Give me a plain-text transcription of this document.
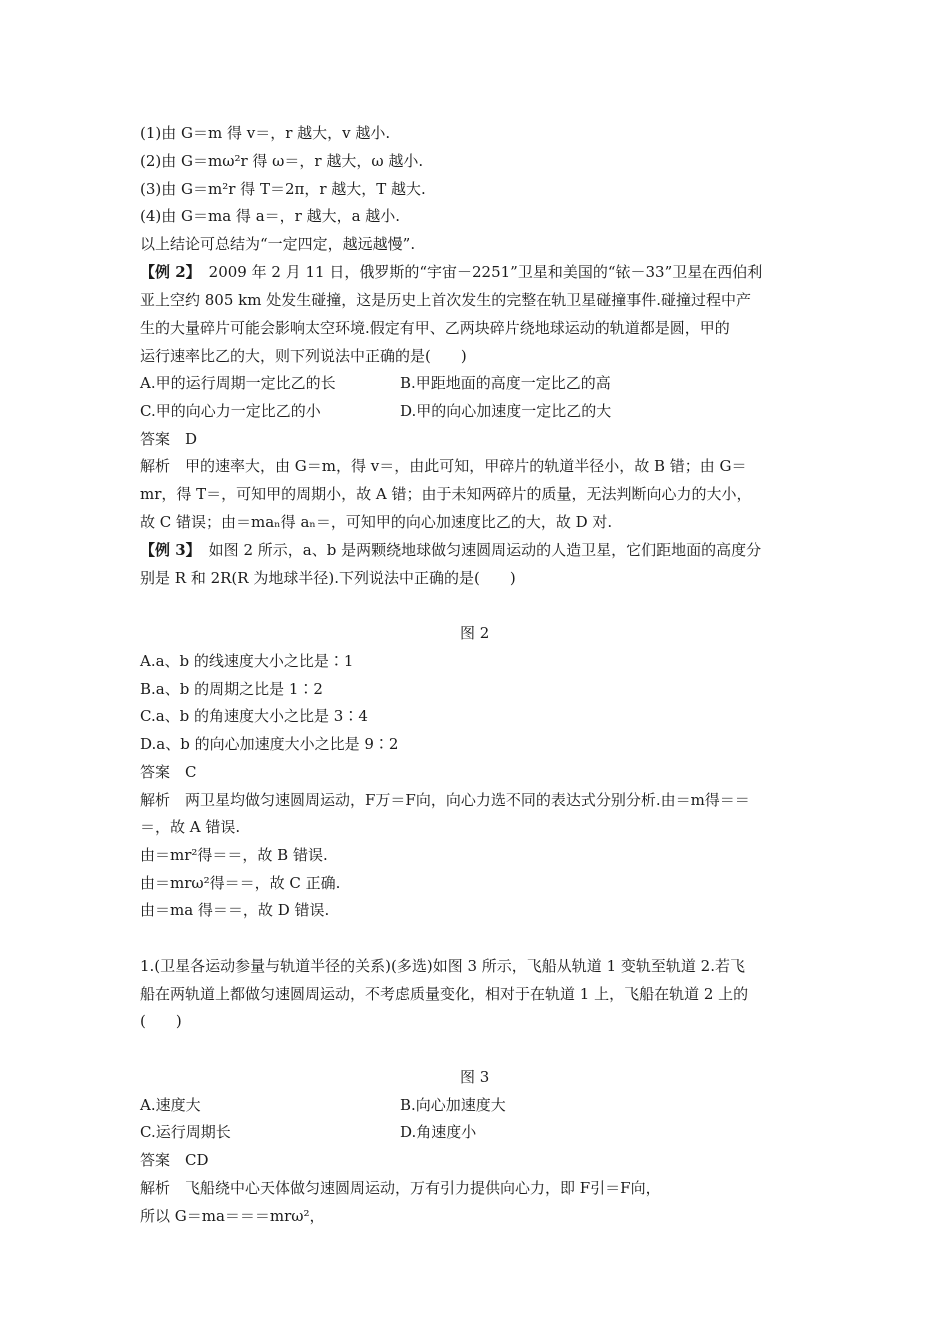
(1)由 G＝m 得 v＝，r 越大，v 越小.
(2)由 G＝mω²r 得 ω＝，r 越大，ω 越小.
(3)由 G＝m²r 得 T＝2π，r 越大，T 越大.
(4)由 G＝ma 得 a＝，r 越大，a 越小.
以上结论可总结为“一定四定，越远越慢”.
【例 2】 2009 年 2 月 11 日，俄罗斯的“宇宙－2251”卫星和美国的“铱－33”卫星在西伯利
亚上空约 805 km 处发生碰撞，这是历史上首次发生的完整在轨卫星碰撞事件.碰撞过程中产
生的大量碎片可能会影响太空环境.假定有甲、乙两块碎片绕地球运动的轨道都是圆，甲的
运行速率比乙的大，则下列说法中正确的是(　　)
A.甲的运行周期一定比乙的长	B.甲距地面的高度一定比乙的高
C.甲的向心力一定比乙的小	D.甲的向心加速度一定比乙的大
答案　D
解析　甲的速率大，由 G＝m，得 v＝，由此可知，甲碎片的轨道半径小，故 B 错；由 G＝
mr，得 T＝，可知甲的周期小，故 A 错；由于未知两碎片的质量，无法判断向心力的大小，
故 C 错误；由＝maₙ得 aₙ＝，可知甲的向心加速度比乙的大，故 D 对.
【例 3】 如图 2 所示，a、b 是两颗绕地球做匀速圆周运动的人造卫星，它们距地面的高度分
别是 R 和 2R(R 为地球半径).下列说法中正确的是(　　)
图 2
A.a、b 的线速度大小之比是∶1
B.a、b 的周期之比是 1∶2
C.a、b 的角速度大小之比是 3∶4
D.a、b 的向心加速度大小之比是 9∶2
答案　C
解析　两卫星均做匀速圆周运动，F万＝F向，向心力选不同的表达式分别分析.由＝m得＝＝
＝，故 A 错误.
由＝mr²得＝＝，故 B 错误.
由＝mrω²得＝＝，故 C 正确.
由＝ma 得＝＝，故 D 错误.
1.(卫星各运动参量与轨道半径的关系)(多选)如图 3 所示，飞船从轨道 1 变轨至轨道 2.若飞
船在两轨道上都做匀速圆周运动，不考虑质量变化，相对于在轨道 1 上，飞船在轨道 2 上的
(　　)
图 3
A.速度大	B.向心加速度大
C.运行周期长	D.角速度小
答案　CD
解析　飞船绕中心天体做匀速圆周运动，万有引力提供向心力，即 F引＝F向，
所以 G＝ma＝＝＝mrω²，
